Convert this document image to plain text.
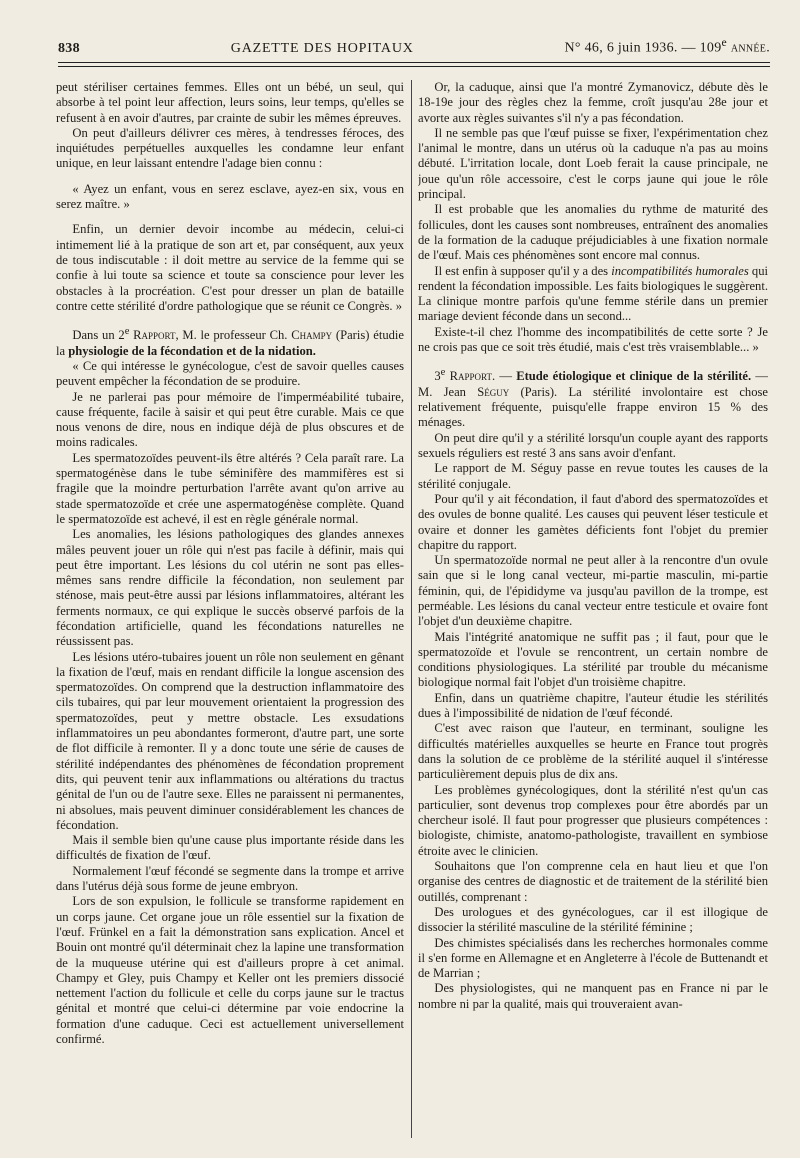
838	GAZETTE DES HOPITAUX	N° 46, 6 juin 1936. — 109e année.

peut stériliser certaines femmes. Elles ont un bébé, un seul, qui absorbe à tel point leur affection, leurs soins, leur temps, qu'elles se refusent à en avoir d'autres, par crainte de subir les mêmes épreuves.

On peut d'ailleurs délivrer ces mères, à tendresses féroces, des inquiétudes perpétuelles auxquelles les condamne leur enfant unique, en leur laissant entendre l'adage bien connu :

« Ayez un enfant, vous en serez esclave, ayez-en six, vous en serez maître. »

Enfin, un dernier devoir incombe au médecin, celui-ci intimement lié à la pratique de son art et, par conséquent, aux yeux de tous indiscutable : il doit mettre au service de la femme qui se confie à lui toute sa science et toute sa conscience pour lever les obstacles à la procréation. C'est pour dresser un plan de bataille contre cette stérilité d'ordre pathologique que se réunit ce Congrès. »

Dans un 2e Rapport, M. le professeur Ch. Champy (Paris) étudie la physiologie de la fécondation et de la nidation.

« Ce qui intéresse le gynécologue, c'est de savoir quelles causes peuvent empêcher la fécondation de se produire.

Je ne parlerai pas pour mémoire de l'imperméabilité tubaire, cause fréquente, facile à saisir et qui peut être curable. Mais ce que nous venons de dire, nous en indique déjà de plus obscures et de moins radicales.

Les spermatozoïdes peuvent-ils être altérés ? Cela paraît rare. La spermatogénèse dans le tube séminifère des mammifères est si fragile que la moindre perturbation l'arrête avant qu'on arrive au stade spermatozoïde et crée une aspermatogénèse complète. Quand le spermatozoïde est achevé, il est en règle générale normal.

Les anomalies, les lésions pathologiques des glandes annexes mâles peuvent jouer un rôle qui n'est pas facile à définir, mais qui peut être important. Les lésions du col utérin ne sont pas elles-mêmes sans rendre difficile la fécondation, non seulement par sténose, mais peut-être aussi par lésions inflammatoires, altérant les ferments normaux, ce qui explique le succès observé parfois de la fécondation artificielle, quand les fécondations naturelles ne réussissent pas.

Les lésions utéro-tubaires jouent un rôle non seulement en gênant la fixation de l'œuf, mais en rendant difficile la longue ascension des spermatozoïdes. On comprend que la destruction inflammatoire des cils tubaires, qui par leur mouvement orientaient la progression des spermatozoïdes, peut y mettre obstacle. Les exsudations inflammatoires un peu abondantes formeront, d'autre part, une sorte de flot difficile à remonter. Il y a donc toute une série de causes de stérilité indépendantes des phénomènes de fécondation proprement dits, qui peuvent tenir aux inflammations ou altérations du tractus génital de l'un ou de l'autre sexe. Elles ne paraissent ni permanentes, ni absolues, mais peuvent diminuer considérablement les chances de fécondation.

Mais il semble bien qu'une cause plus importante réside dans les difficultés de fixation de l'œuf.

Normalement l'œuf fécondé se segmente dans la trompe et arrive dans l'utérus déjà sous forme de jeune embryon.

Lors de son expulsion, le follicule se transforme rapidement en un corps jaune. Cet organe joue un rôle essentiel sur la fixation de l'œuf. Frünkel en a fait la démonstration sans explication. Ancel et Bouin ont montré qu'il déterminait chez la lapine une transformation de la muqueuse utérine qui est d'ailleurs propre à cet animal. Champy et Gley, puis Champy et Keller ont les premiers dissocié nettement l'action du follicule et celle du corps jaune sur le tractus génital et montré que celui-ci détermine par voie endocrine la formation d'une caduque. Ceci est actuellement universellement confirmé.

Or, la caduque, ainsi que l'a montré Zymanovicz, débute dès le 18-19e jour des règles chez la femme, croît jusqu'au 28e jour et avorte aux règles suivantes s'il n'y a pas fécondation.

Il ne semble pas que l'œuf puisse se fixer, l'expérimentation chez l'animal le montre, dans un utérus où la caduque n'a pas au moins débuté. L'irritation locale, dont Loeb ferait la cause principale, ne joue qu'un rôle accessoire, c'est le corps jaune qui joue le rôle principal.

Il est probable que les anomalies du rythme de maturité des follicules, dont les causes sont nombreuses, entraînent des anomalies de la formation de la caduque préjudiciables à une fixation normale de l'œuf. Mais ces phénomènes sont encore mal connus.

Il est enfin à supposer qu'il y a des incompatibilités humorales qui rendent la fécondation impossible. Les faits biologiques le suggèrent. La clinique montre parfois qu'une femme stérile dans un premier mariage devient féconde dans un second...

Existe-t-il chez l'homme des incompatibilités de cette sorte ? Je ne crois pas que ce soit très étudié, mais c'est très vraisemblable... »

3e Rapport. — Etude étiologique et clinique de la stérilité. — M. Jean Séguy (Paris). La stérilité involontaire est chose relativement fréquente, puisqu'elle frappe environ 15 % des ménages.

On peut dire qu'il y a stérilité lorsqu'un couple ayant des rapports sexuels réguliers est resté 3 ans sans avoir d'enfant.

Le rapport de M. Séguy passe en revue toutes les causes de la stérilité conjugale.

Pour qu'il y ait fécondation, il faut d'abord des spermatozoïdes et des ovules de bonne qualité. Les causes qui peuvent léser testicule et ovaire et donner les gamètes déficients font l'objet du premier chapitre du rapport.

Un spermatozoïde normal ne peut aller à la rencontre d'un ovule sain que si le long canal vecteur, mi-partie masculin, mi-partie féminin, qui, de l'épididyme va jusqu'au pavillon de la trompe, est perméable. Les lésions du canal vecteur entre testicule et ovaire font l'objet d'un deuxième chapitre.

Mais l'intégrité anatomique ne suffit pas ; il faut, pour que le spermatozoïde et l'ovule se rencontrent, un certain nombre de conditions physiologiques. La stérilité par trouble du mécanisme biologique normal fait l'objet d'un troisième chapitre.

Enfin, dans un quatrième chapitre, l'auteur étudie les stérilités dues à l'impossibilité de nidation de l'œuf fécondé.

C'est avec raison que l'auteur, en terminant, souligne les difficultés matérielles auxquelles se heurte en France tout progrès dans la solution de ce problème de la stérilité auquel il s'intéresse particulièrement depuis plus de dix ans.

Les problèmes gynécologiques, dont la stérilité n'est qu'un cas particulier, sont devenus trop complexes pour être abordés par un chercheur isolé. Il faut pour progresser que plusieurs compétences : biologiste, chimiste, anatomo-pathologiste, travaillent en symbiose étroite avec le clinicien.

Souhaitons que l'on comprenne cela en haut lieu et que l'on organise des centres de diagnostic et de traitement de la stérilité bien outillés, comprenant :

Des urologues et des gynécologues, car il est illogique de dissocier la stérilité masculine de la stérilité féminine ;

Des chimistes spécialisés dans les recherches hormonales comme il s'en forme en Allemagne et en Angleterre à l'école de Buttenandt et de Marrian ;

Des physiologistes, qui ne manquent pas en France ni par le nombre ni par la qualité, mais qui trouveraient avan-
